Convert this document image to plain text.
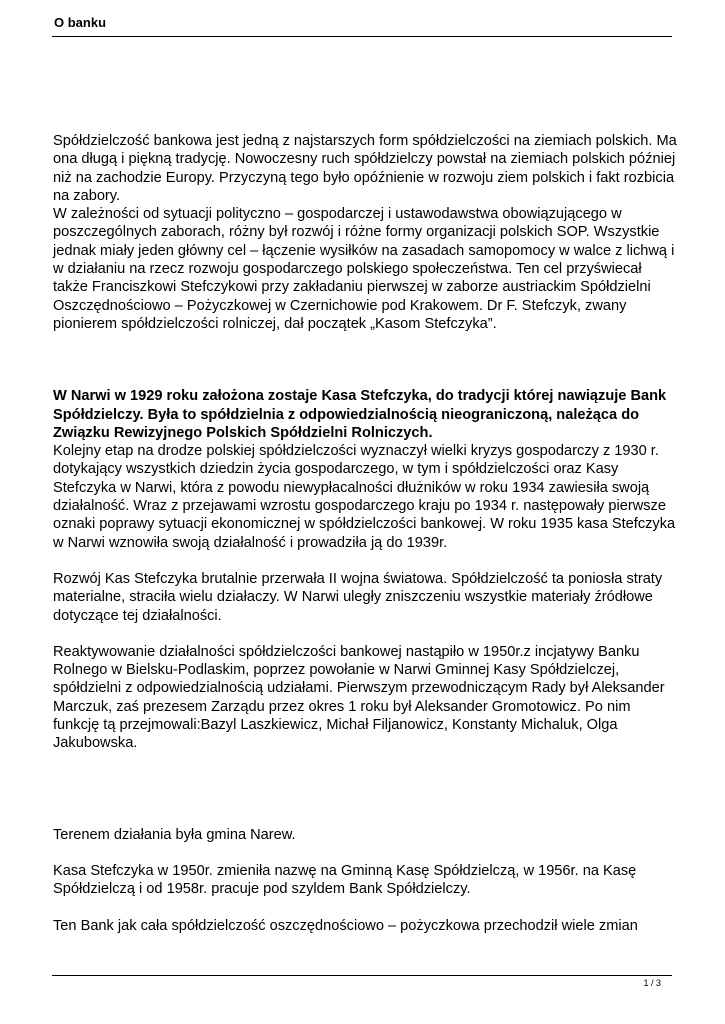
O banku

Spółdzielczość bankowa jest jedną z najstarszych form spółdzielczości na ziemiach polskich. Ma ona długą i piękną tradycję. Nowoczesny ruch spółdzielczy powstał na ziemiach polskich później niż na zachodzie Europy. Przyczyną tego było opóźnienie w rozwoju ziem polskich i fakt rozbicia na zabory.

W zależności od sytuacji polityczno – gospodarczej i ustawodawstwa obowiązującego w poszczególnych zaborach, różny był rozwój i różne formy organizacji polskich SOP. Wszystkie jednak miały jeden główny cel – łączenie wysiłków na zasadach samopomocy w walce z lichwą i w działaniu na rzecz rozwoju gospodarczego polskiego społeczeństwa. Ten cel przyświecał także Franciszkowi Stefczykowi przy zakładaniu pierwszej w zaborze austriackim Spółdzielni Oszczędnościowo – Pożyczkowej w Czernichowie pod Krakowem. Dr F. Stefczyk, zwany pionierem spółdzielczości rolniczej, dał początek „Kasom Stefczyka”.

W Narwi w 1929 roku założona zostaje Kasa Stefczyka, do tradycji której nawiązuje Bank Spółdzielczy. Była to spółdzielnia z odpowiedzialnością nieograniczoną, należąca do Związku Rewizyjnego Polskich Spółdzielni Rolniczych.

Kolejny etap na drodze polskiej spółdzielczości wyznaczył wielki kryzys gospodarczy z 1930 r. dotykający wszystkich dziedzin życia gospodarczego, w tym i spółdzielczości oraz Kasy Stefczyka w Narwi, która z powodu niewypłacalności dłużników w roku 1934 zawiesiła swoją działalność. Wraz z przejawami wzrostu gospodarczego kraju po 1934 r. następowały pierwsze oznaki poprawy sytuacji ekonomicznej w spółdzielczości bankowej. W roku 1935 kasa Stefczyka w Narwi wznowiła swoją działalność i prowadziła ją do 1939r.

Rozwój Kas Stefczyka brutalnie przerwała II wojna światowa. Spółdzielczość ta poniosła straty materialne, straciła wielu działaczy. W Narwi uległy zniszczeniu wszystkie materiały źródłowe dotyczące tej działalności.

Reaktywowanie działalności spółdzielczości bankowej nastąpiło w 1950r.z incjatywy Banku Rolnego w Bielsku-Podlaskim, poprzez powołanie w Narwi Gminnej Kasy Spółdzielczej, spółdzielni z odpowiedzialnością udziałami. Pierwszym przewodniczącym Rady był Aleksander Marczuk, zaś prezesem Zarządu przez okres 1 roku był Aleksander Gromotowicz. Po nim funkcję tą przejmowali:Bazyl Laszkiewicz, Michał Filjanowicz, Konstanty Michaluk, Olga Jakubowska.

Terenem działania była gmina Narew.

Kasa Stefczyka w 1950r. zmieniła nazwę na Gminną Kasę Spółdzielczą, w 1956r. na Kasę Spółdzielczą i od 1958r. pracuje pod szyldem Bank Spółdzielczy.

Ten Bank jak cała spółdzielczość oszczędnościowo – pożyczkowa przechodził wiele zmian

1 / 3
